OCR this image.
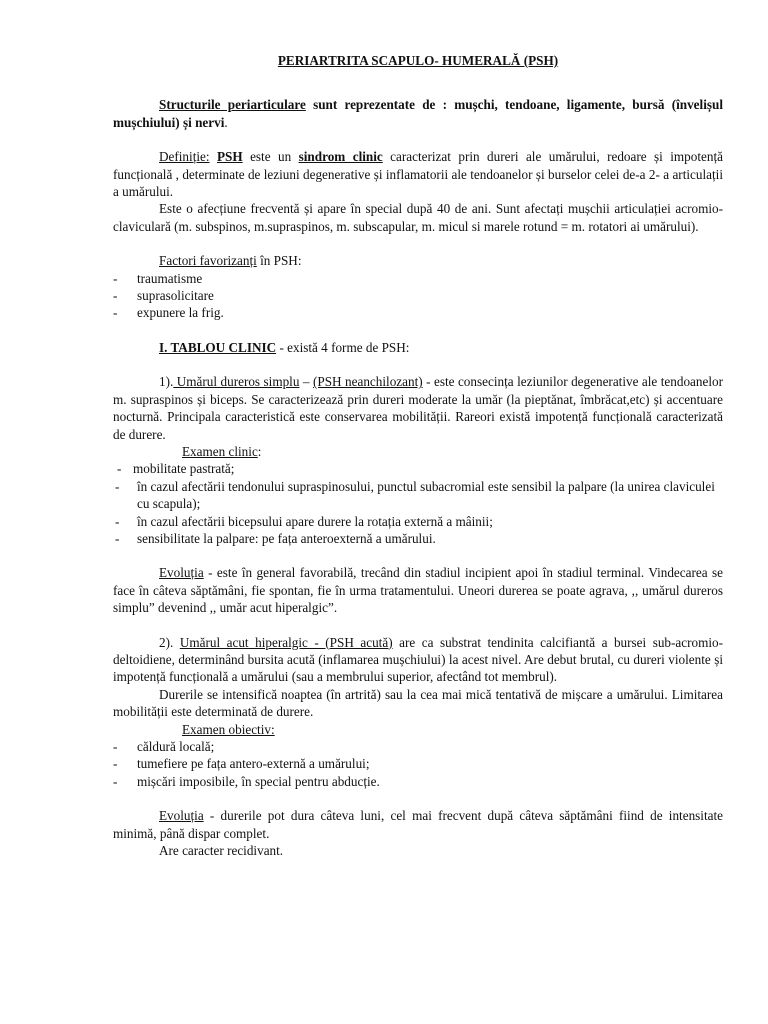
PERIARTRITA SCAPULO- HUMERALĂ (PSH)

Structurile periarticulare sunt reprezentate de : mușchi, tendoane, ligamente, bursă (învelișul mușchiului) și nervi.

Definiție: PSH este un sindrom clinic caracterizat prin dureri ale umărului, redoare și impotență funcțională , determinate de leziuni degenerative și inflamatorii ale tendoanelor și burselor celei de-a 2- a articulații a umărului.

Este o afecțiune frecventă și apare în special după 40 de ani. Sunt afectați mușchii articulației acromio-claviculară (m. subspinos, m.supraspinos, m. subscapular, m. micul si marele rotund = m. rotatori ai umărului).

Factori favorizanți în PSH:

- traumatisme
- suprasolicitare
- expunere la frig.

I. TABLOU CLINIC - există 4 forme de PSH:

1). Umărul dureros simplu – (PSH neanchilozant) - este consecința leziunilor degenerative ale tendoanelor m. supraspinos și biceps. Se caracterizează prin dureri moderate la umăr (la pieptănat, îmbrăcat,etc) și accentuare nocturnă. Principala caracteristică este conservarea mobilității. Rareori există impotență funcțională caracterizată de durere.

Examen clinic:

- mobilitate pastrată;
- în cazul afectării tendonului supraspinosului, punctul subacromial este sensibil la palpare (la unirea claviculei cu scapula);
- în cazul afectării bicepsului apare durere la rotația externă a mâinii;
- sensibilitate la palpare: pe fața anteroexternă a umărului.

Evoluția - este în general favorabilă, trecând din stadiul incipient apoi în stadiul terminal. Vindecarea se face în câteva săptămâni, fie spontan, fie în urma tratamentului. Uneori durerea se poate agrava, ,, umărul dureros simplu” devenind ,, umăr acut hiperalgic”.

2). Umărul acut hiperalgic - (PSH acută) are ca substrat tendinita calcifiantă a bursei sub-acromio-deltoidiene, determinând bursita acută (inflamarea mușchiului) la acest nivel. Are debut brutal, cu dureri violente și impotență funcțională a umărului (sau a membrului superior, afectând tot membrul).

Durerile se intensifică noaptea (în artrită) sau la cea mai mică tentativă de mișcare a umărului. Limitarea mobilității este determinată de durere.

Examen obiectiv:

- căldură locală;
- tumefiere pe fața antero-externă a umărului;
- mișcări imposibile, în special pentru abducție.

Evoluția - durerile pot dura câteva luni, cel mai frecvent după câteva săptămâni fiind de intensitate minimă, până dispar complet.

Are caracter recidivant.
